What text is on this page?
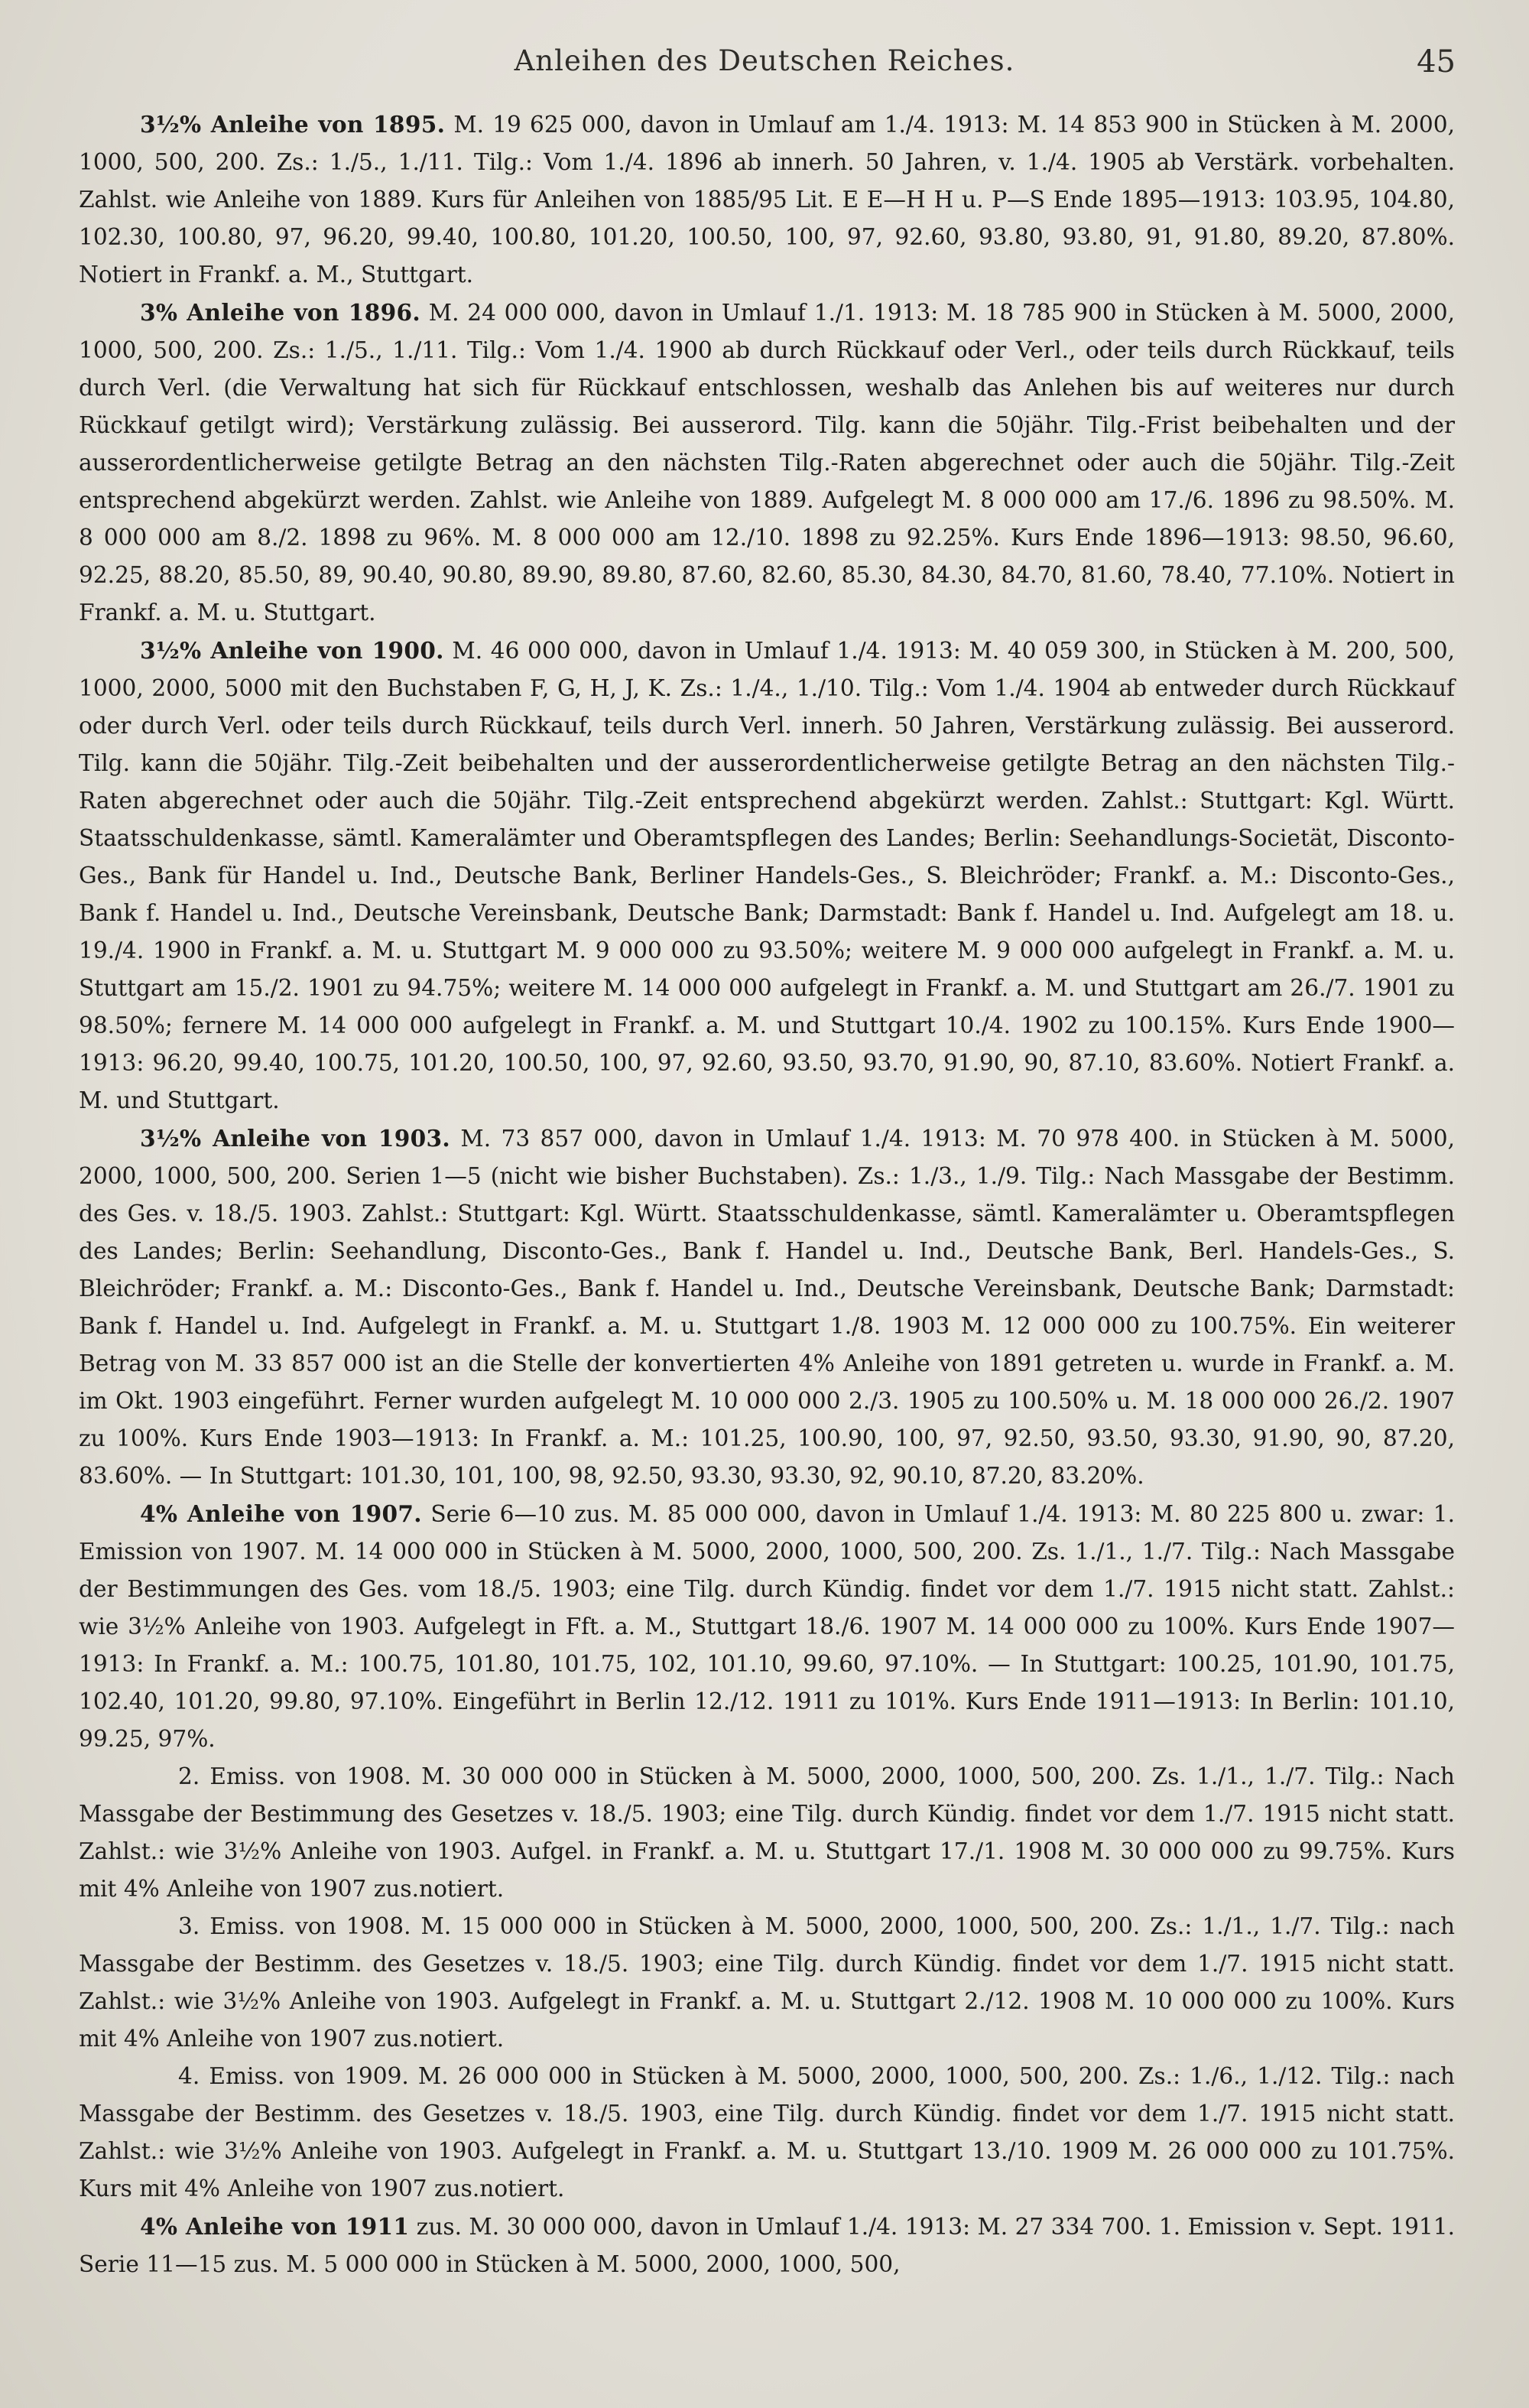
Anleihen des Deutschen Reiches.	45

3½% Anleihe von 1895. M. 19 625 000, davon in Umlauf am 1./4. 1913: M. 14 853 900 in Stücken à M. 2000, 1000, 500, 200. Zs.: 1./5., 1./11. Tilg.: Vom 1./4. 1896 ab innerh. 50 Jahren, v. 1./4. 1905 ab Verstärk. vorbehalten. Zahlst. wie Anleihe von 1889. Kurs für Anleihen von 1885/95 Lit. E E—H H u. P—S Ende 1895—1913: 103.95, 104.80, 102.30, 100.80, 97, 96.20, 99.40, 100.80, 101.20, 100.50, 100, 97, 92.60, 93.80, 93.80, 91, 91.80, 89.20, 87.80%. Notiert in Frankf. a. M., Stuttgart.

3% Anleihe von 1896. M. 24 000 000, davon in Umlauf 1./1. 1913: M. 18 785 900 in Stücken à M. 5000, 2000, 1000, 500, 200. Zs.: 1./5., 1./11. Tilg.: Vom 1./4. 1900 ab durch Rückkauf oder Verl., oder teils durch Rückkauf, teils durch Verl. (die Verwaltung hat sich für Rückkauf entschlossen, weshalb das Anlehen bis auf weiteres nur durch Rückkauf getilgt wird); Verstärkung zulässig. Bei ausserord. Tilg. kann die 50jähr. Tilg.-Frist beibehalten und der ausserordentlicherweise getilgte Betrag an den nächsten Tilg.-Raten abgerechnet oder auch die 50jähr. Tilg.-Zeit entsprechend abgekürzt werden. Zahlst. wie Anleihe von 1889. Aufgelegt M. 8 000 000 am 17./6. 1896 zu 98.50%. M. 8 000 000 am 8./2. 1898 zu 96%. M. 8 000 000 am 12./10. 1898 zu 92.25%. Kurs Ende 1896—1913: 98.50, 96.60, 92.25, 88.20, 85.50, 89, 90.40, 90.80, 89.90, 89.80, 87.60, 82.60, 85.30, 84.30, 84.70, 81.60, 78.40, 77.10%. Notiert in Frankf. a. M. u. Stuttgart.

3½% Anleihe von 1900. M. 46 000 000, davon in Umlauf 1./4. 1913: M. 40 059 300, in Stücken à M. 200, 500, 1000, 2000, 5000 mit den Buchstaben F, G, H, J, K. Zs.: 1./4., 1./10. Tilg.: Vom 1./4. 1904 ab entweder durch Rückkauf oder durch Verl. oder teils durch Rückkauf, teils durch Verl. innerh. 50 Jahren, Verstärkung zulässig. Bei ausserord. Tilg. kann die 50jähr. Tilg.-Zeit beibehalten und der ausserordentlicherweise getilgte Betrag an den nächsten Tilg.-Raten abgerechnet oder auch die 50jähr. Tilg.-Zeit entsprechend abgekürzt werden. Zahlst.: Stuttgart: Kgl. Württ. Staatsschuldenkasse, sämtl. Kameralämter und Oberamtspflegen des Landes; Berlin: Seehandlungs-Societät, Disconto-Ges., Bank für Handel u. Ind., Deutsche Bank, Berliner Handels-Ges., S. Bleichröder; Frankf. a. M.: Disconto-Ges., Bank f. Handel u. Ind., Deutsche Vereinsbank, Deutsche Bank; Darmstadt: Bank f. Handel u. Ind. Aufgelegt am 18. u. 19./4. 1900 in Frankf. a. M. u. Stuttgart M. 9 000 000 zu 93.50%; weitere M. 9 000 000 aufgelegt in Frankf. a. M. u. Stuttgart am 15./2. 1901 zu 94.75%; weitere M. 14 000 000 aufgelegt in Frankf. a. M. und Stuttgart am 26./7. 1901 zu 98.50%; fernere M. 14 000 000 aufgelegt in Frankf. a. M. und Stuttgart 10./4. 1902 zu 100.15%. Kurs Ende 1900—1913: 96.20, 99.40, 100.75, 101.20, 100.50, 100, 97, 92.60, 93.50, 93.70, 91.90, 90, 87.10, 83.60%. Notiert Frankf. a. M. und Stuttgart.

3½% Anleihe von 1903. M. 73 857 000, davon in Umlauf 1./4. 1913: M. 70 978 400. in Stücken à M. 5000, 2000, 1000, 500, 200. Serien 1—5 (nicht wie bisher Buchstaben). Zs.: 1./3., 1./9. Tilg.: Nach Massgabe der Bestimm. des Ges. v. 18./5. 1903. Zahlst.: Stuttgart: Kgl. Württ. Staatsschuldenkasse, sämtl. Kameralämter u. Oberamtspflegen des Landes; Berlin: Seehandlung, Disconto-Ges., Bank f. Handel u. Ind., Deutsche Bank, Berl. Handels-Ges., S. Bleichröder; Frankf. a. M.: Disconto-Ges., Bank f. Handel u. Ind., Deutsche Vereinsbank, Deutsche Bank; Darmstadt: Bank f. Handel u. Ind. Aufgelegt in Frankf. a. M. u. Stuttgart 1./8. 1903 M. 12 000 000 zu 100.75%. Ein weiterer Betrag von M. 33 857 000 ist an die Stelle der konvertierten 4% Anleihe von 1891 getreten u. wurde in Frankf. a. M. im Okt. 1903 eingeführt. Ferner wurden aufgelegt M. 10 000 000 2./3. 1905 zu 100.50% u. M. 18 000 000 26./2. 1907 zu 100%. Kurs Ende 1903—1913: In Frankf. a. M.: 101.25, 100.90, 100, 97, 92.50, 93.50, 93.30, 91.90, 90, 87.20, 83.60%. — In Stuttgart: 101.30, 101, 100, 98, 92.50, 93.30, 93.30, 92, 90.10, 87.20, 83.20%.

4% Anleihe von 1907. Serie 6—10 zus. M. 85 000 000, davon in Umlauf 1./4. 1913: M. 80 225 800 u. zwar: 1. Emission von 1907. M. 14 000 000 in Stücken à M. 5000, 2000, 1000, 500, 200. Zs. 1./1., 1./7. Tilg.: Nach Massgabe der Bestimmungen des Ges. vom 18./5. 1903; eine Tilg. durch Kündig. findet vor dem 1./7. 1915 nicht statt. Zahlst.: wie 3½% Anleihe von 1903. Aufgelegt in Fft. a. M., Stuttgart 18./6. 1907 M. 14 000 000 zu 100%. Kurs Ende 1907—1913: In Frankf. a. M.: 100.75, 101.80, 101.75, 102, 101.10, 99.60, 97.10%. — In Stuttgart: 100.25, 101.90, 101.75, 102.40, 101.20, 99.80, 97.10%. Eingeführt in Berlin 12./12. 1911 zu 101%. Kurs Ende 1911—1913: In Berlin: 101.10, 99.25, 97%.

2. Emiss. von 1908. M. 30 000 000 in Stücken à M. 5000, 2000, 1000, 500, 200. Zs. 1./1., 1./7. Tilg.: Nach Massgabe der Bestimmung des Gesetzes v. 18./5. 1903; eine Tilg. durch Kündig. findet vor dem 1./7. 1915 nicht statt. Zahlst.: wie 3½% Anleihe von 1903. Aufgel. in Frankf. a. M. u. Stuttgart 17./1. 1908 M. 30 000 000 zu 99.75%. Kurs mit 4% Anleihe von 1907 zus.notiert.

3. Emiss. von 1908. M. 15 000 000 in Stücken à M. 5000, 2000, 1000, 500, 200. Zs.: 1./1., 1./7. Tilg.: nach Massgabe der Bestimm. des Gesetzes v. 18./5. 1903; eine Tilg. durch Kündig. findet vor dem 1./7. 1915 nicht statt. Zahlst.: wie 3½% Anleihe von 1903. Aufgelegt in Frankf. a. M. u. Stuttgart 2./12. 1908 M. 10 000 000 zu 100%. Kurs mit 4% Anleihe von 1907 zus.notiert.

4. Emiss. von 1909. M. 26 000 000 in Stücken à M. 5000, 2000, 1000, 500, 200. Zs.: 1./6., 1./12. Tilg.: nach Massgabe der Bestimm. des Gesetzes v. 18./5. 1903, eine Tilg. durch Kündig. findet vor dem 1./7. 1915 nicht statt. Zahlst.: wie 3½% Anleihe von 1903. Aufgelegt in Frankf. a. M. u. Stuttgart 13./10. 1909 M. 26 000 000 zu 101.75%. Kurs mit 4% Anleihe von 1907 zus.notiert.

4% Anleihe von 1911 zus. M. 30 000 000, davon in Umlauf 1./4. 1913: M. 27 334 700. 1. Emission v. Sept. 1911. Serie 11—15 zus. M. 5 000 000 in Stücken à M. 5000, 2000, 1000, 500,
